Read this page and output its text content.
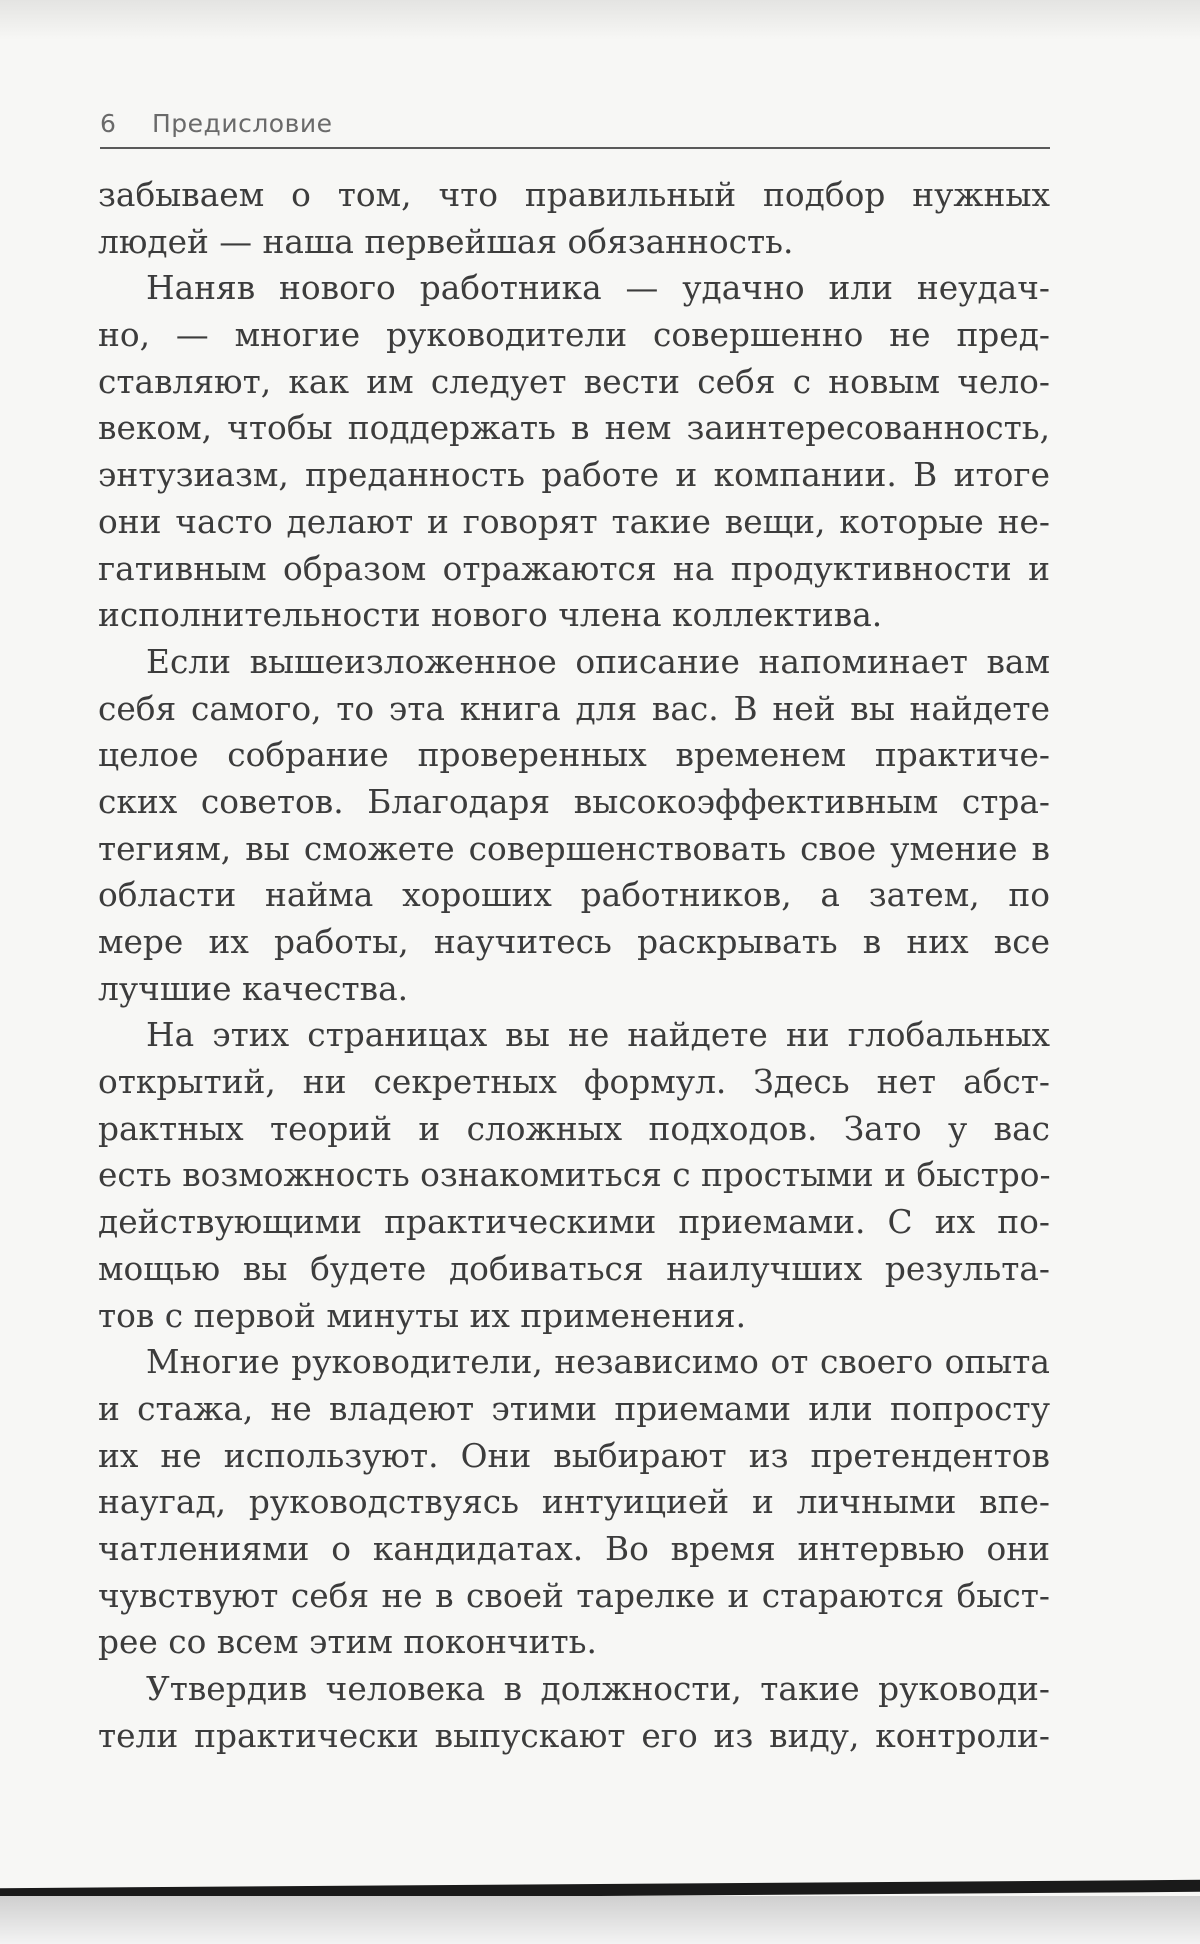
6 Предисловие
забываем о том, что правильный подбор нужных
людей — наша первейшая обязанность.
Наняв нового работника — удачно или неудач-
но, — многие руководители совершенно не пред-
ставляют, как им следует вести себя с новым чело-
веком, чтобы поддержать в нем заинтересованность,
энтузиазм, преданность работе и компании. В итоге
они часто делают и говорят такие вещи, которые не-
гативным образом отражаются на продуктивности и
исполнительности нового члена коллектива.
Если вышеизложенное описание напоминает вам
себя самого, то эта книга для вас. В ней вы найдете
целое собрание проверенных временем практиче-
ских советов. Благодаря высокоэффективным стра-
тегиям, вы сможете совершенствовать свое умение в
области найма хороших работников, а затем, по
мере их работы, научитесь раскрывать в них все
лучшие качества.
На этих страницах вы не найдете ни глобальных
открытий, ни секретных формул. Здесь нет абст-
рактных теорий и сложных подходов. Зато у вас
есть возможность ознакомиться с простыми и быстро-
действующими практическими приемами. С их по-
мощью вы будете добиваться наилучших результа-
тов с первой минуты их применения.
Многие руководители, независимо от своего опыта
и стажа, не владеют этими приемами или попросту
их не используют. Они выбирают из претендентов
наугад, руководствуясь интуицией и личными впе-
чатлениями о кандидатах. Во время интервью они
чувствуют себя не в своей тарелке и стараются быст-
рее со всем этим покончить.
Утвердив человека в должности, такие руководи-
тели практически выпускают его из виду, контроли-
